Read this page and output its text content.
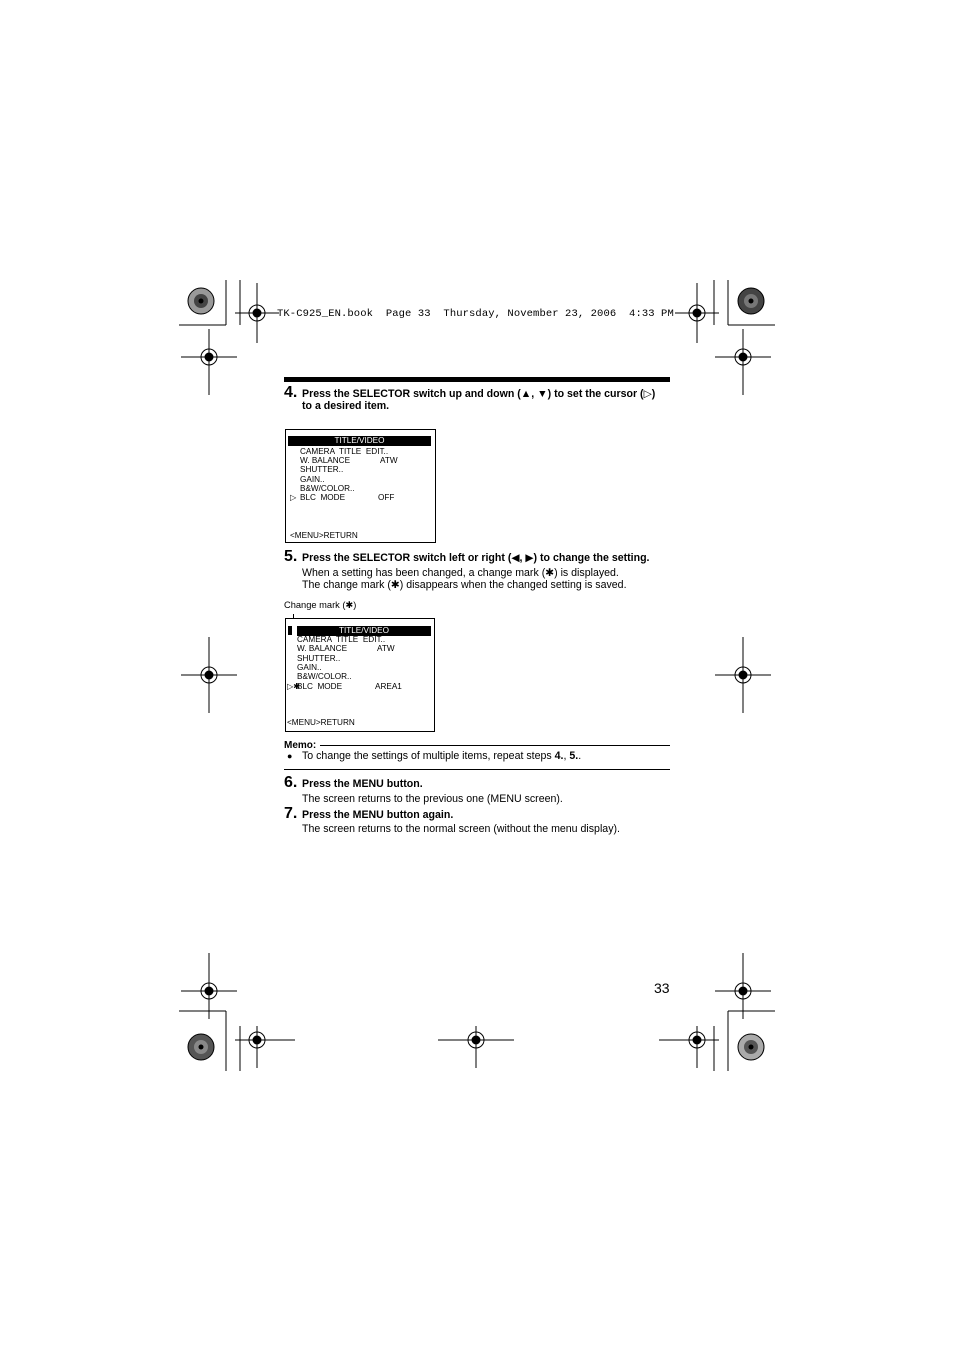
TK-C925_EN.book  Page 33  Thursday, November 23, 2006  4:33 PM
4. Press the SELECTOR switch up and down (▲, ▼) to set the cursor (▷)
to a desired item.
TITLE/VIDEO
CAMERA  TITLE  EDIT..
W. BALANCE	ATW
SHUTTER..
GAIN..
B&W/COLOR..
▷ BLC  MODE	OFF
<MENU>RETURN
5. Press the SELECTOR switch left or right (◀, ▶) to change the setting.
When a setting has been changed, a change mark (✱) is displayed.
The change mark (✱) disappears when the changed setting is saved.
Change mark (✱)
TITLE/VIDEO
CAMERA  TITLE  EDIT..
W. BALANCE	ATW
SHUTTER..
GAIN..
B&W/COLOR..
▷✱
BLC  MODE	AREA1
<MENU>RETURN
Memo:
● To change the settings of multiple items, repeat steps 4., 5..
6. Press the MENU button.
The screen returns to the previous one (MENU screen).
7. Press the MENU button again.
The screen returns to the normal screen (without the menu display).
33
